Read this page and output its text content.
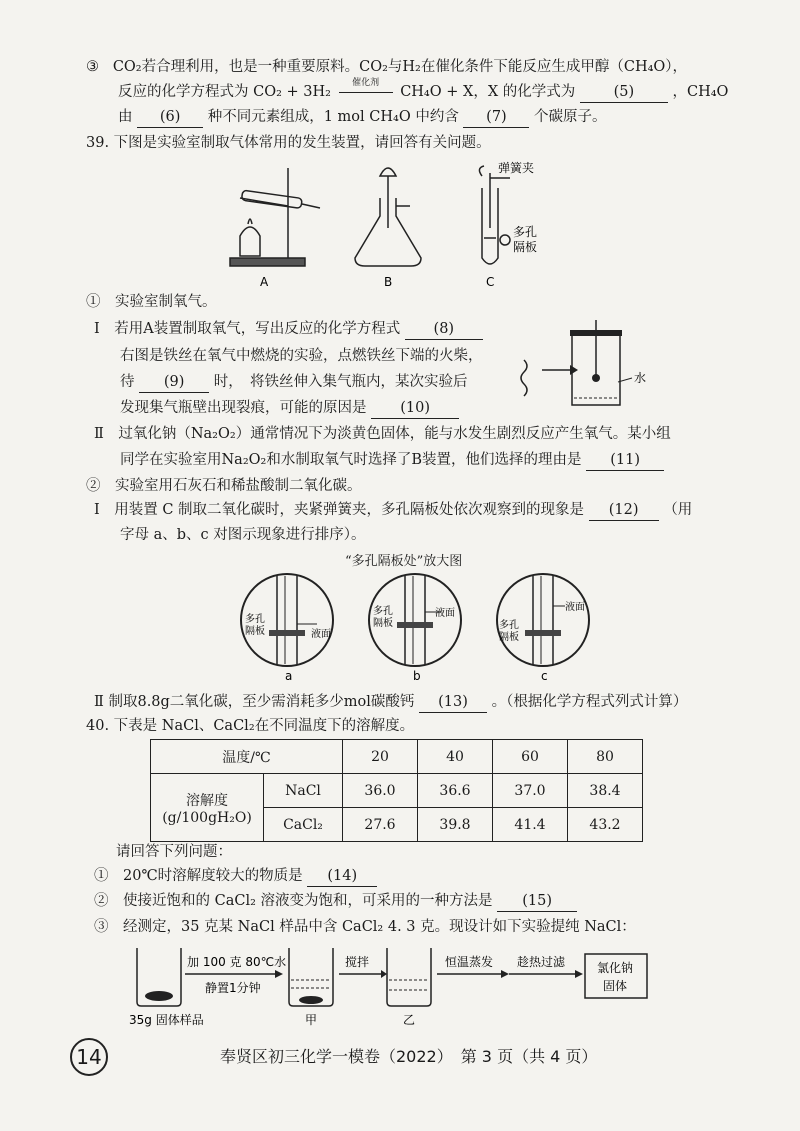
③ CO₂若合理利用，也是一种重要原料。CO₂与H₂在催化条件下能反应生成甲醇（CH₄O），
反应的化学方程式为 CO₂ + 3H₂
催化剂
CH₄O + X，X 的化学式为	(5)	，CH₄O
由 (6) 种不同元素组成，1 mol CH₄O 中约含 (7) 个碳原子。
39. 下图是实验室制取气体常用的发生装置，请回答有关问题。
A	B	C
弹簧夹
多孔
隔板
①　实验室制氧气。
Ⅰ　若用A装置制取氧气，写出反应的化学方程式 (8)
右图是铁丝在氧气中燃烧的实验，点燃铁丝下端的火柴，
待 (9) 时，　将铁丝伸入集气瓶内，某次实验后
发现集气瓶壁出现裂痕，可能的原因是 (10)
水
Ⅱ　过氧化钠（Na₂O₂）通常情况下为淡黄色固体，能与水发生剧烈反应产生氧气。某小组
同学在实验室用Na₂O₂和水制取氧气时选择了B装置，他们选择的理由是 (11)
②　实验室用石灰石和稀盐酸制二氧化碳。
Ⅰ　用装置 C 制取二氧化碳时，夹紧弹簧夹，多孔隔板处依次观察到的现象是 (12) （用
字母 a、b、c 对图示现象进行排序）。
“多孔隔板处”放大图
多孔
隔板	液面
a
多孔
隔板
液面
b
多孔
隔板
液面
c
Ⅱ 制取8.8g二氧化碳，至少需消耗多少mol碳酸钙 (13) 。（根据化学方程式列式计算）
40. 下表是 NaCl、CaCl₂在不同温度下的溶解度。
温度/℃		20	40	60	80

溶解度
(g/100gH₂O)	NaCl	36.0	36.6	37.0	38.4
	CaCl₂	27.6	39.8	41.4	43.2
请回答下列问题：
①　20℃时溶解度较大的物质是 (14)
②　使接近饱和的 CaCl₂ 溶液变为饱和，可采用的一种方法是 (15)
③　经测定，35 克某 NaCl 样品中含 CaCl₂ 4. 3 克。现设计如下实验提纯 NaCl：
加 100 克 80℃水
静置1分钟
搅拌	恒温蒸发 趁热过滤	氯化钠
固体
35g 固体样品	甲	乙
14	奉贤区初三化学一模卷（2022）　第 3 页（共 4 页）
